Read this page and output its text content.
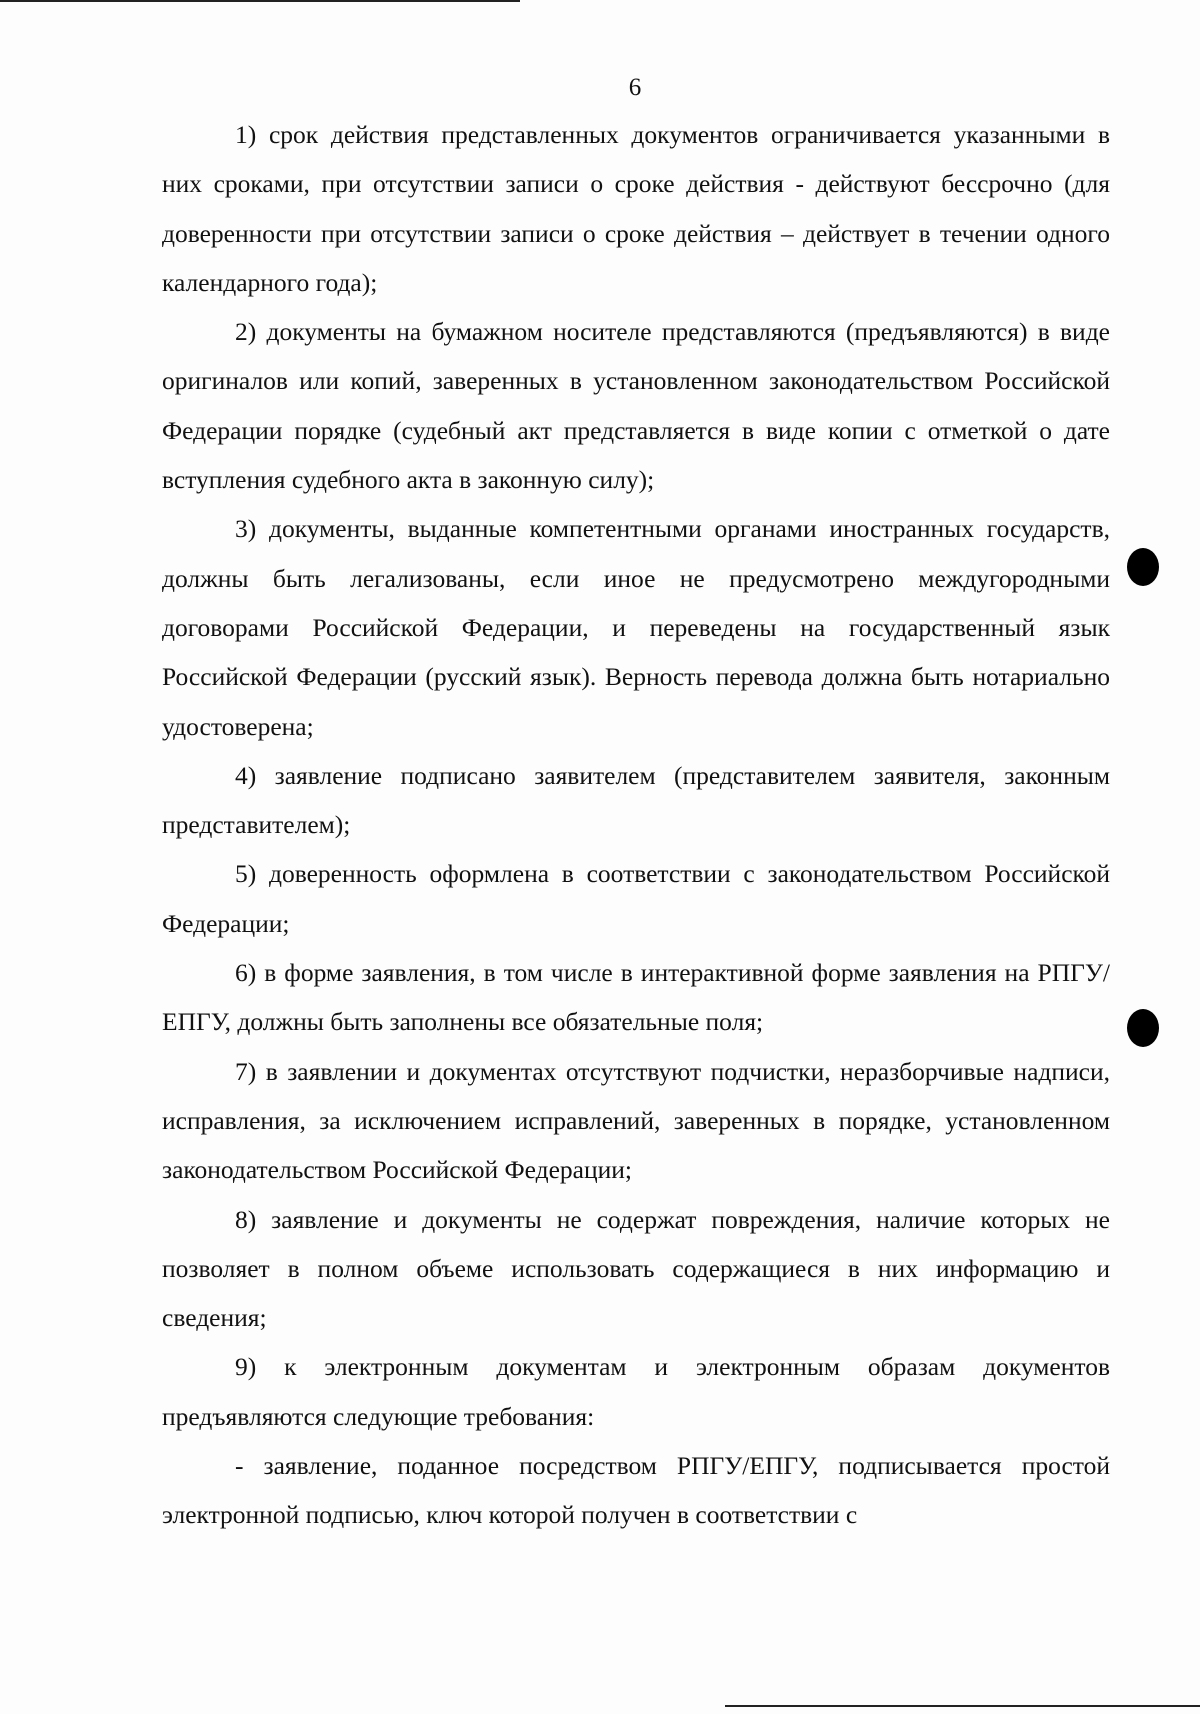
6

1) срок действия представленных документов ограничивается указанными в них сроками, при отсутствии записи о сроке действия - действуют бессрочно (для доверенности при отсутствии записи о сроке действия – действует в течении одного календарного года);

2) документы на бумажном носителе представляются (предъявляются) в виде оригиналов или копий, заверенных в установленном законодательством Российской Федерации порядке (судебный акт представляется в виде копии с отметкой о дате вступления судебного акта в законную силу);

3) документы, выданные компетентными органами иностранных государств, должны быть легализованы, если иное не предусмотрено междугородными договорами Российской Федерации, и переведены на государственный язык Российской Федерации (русский язык). Верность перевода должна быть нотариально удостоверена;

4) заявление подписано заявителем (представителем заявителя, законным представителем);

5) доверенность оформлена в соответствии с законодательством Российской Федерации;

6) в форме заявления, в том числе в интерактивной форме заявления на РПГУ/ЕПГУ, должны быть заполнены все обязательные поля;

7) в заявлении и документах отсутствуют подчистки, неразборчивые надписи, исправления, за исключением исправлений, заверенных в порядке, установленном законодательством Российской Федерации;

8) заявление и документы не содержат повреждения, наличие которых не позволяет в полном объеме использовать содержащиеся в них информацию и сведения;

9) к электронным документам и электронным образам документов предъявляются следующие требования:

- заявление, поданное посредством РПГУ/ЕПГУ, подписывается простой электронной подписью, ключ которой получен в соответствии с
